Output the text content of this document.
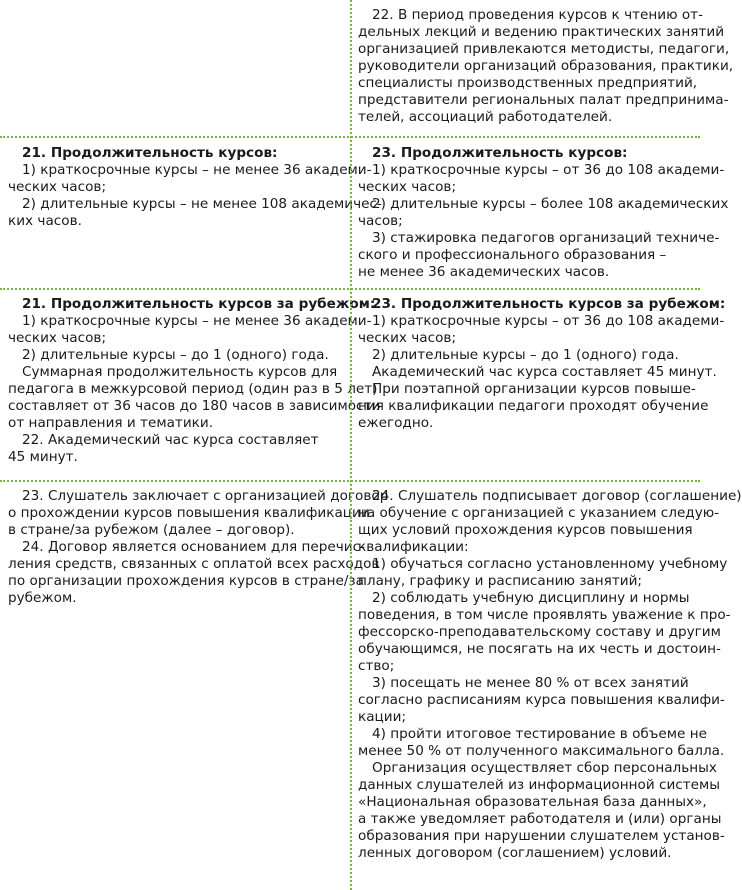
22. В период проведения курсов к чтению от-
дельных лекций и ведению практических занятий
организацией привлекаются методисты, педагоги,
руководители организаций образования, практики,
специалисты производственных предприятий,
представители региональных палат предпринима-
телей, ассоциаций работодателей.
21. Продолжительность курсов:
1) краткосрочные курсы – не менее 36 академи-
ческих часов;
2) длительные курсы – не менее 108 академичес-
ких часов.
23. Продолжительность курсов:
1) краткосрочные курсы – от 36 до 108 академи-
ческих часов;
2) длительные курсы – более 108 академических
часов;
3) стажировка педагогов организаций техниче-
ского и профессионального образования –
не менее 36 академических часов.
21. Продолжительность курсов за рубежом:
1) краткосрочные курсы – не менее 36 академи-
ческих часов;
2) длительные курсы – до 1 (одного) года.
Суммарная продолжительность курсов для
педагога в межкурсовой период (один раз в 5 лет)
составляет от 36 часов до 180 часов в зависимости
от направления и тематики.
22. Академический час курса составляет
45 минут.
23. Продолжительность курсов за рубежом:
1) краткосрочные курсы – от 36 до 108 академи-
ческих часов;
2) длительные курсы – до 1 (одного) года.
Академический час курса составляет 45 минут.
При поэтапной организации курсов повыше-
ния квалификации педагоги проходят обучение
ежегодно.
23. Слушатель заключает с организацией договор
о прохождении курсов повышения квалификации
в стране/за рубежом (далее – договор).
24. Договор является основанием для перечис-
ления средств, связанных с оплатой всех расходов
по организации прохождения курсов в стране/за
рубежом.
24. Слушатель подписывает договор (соглашение)
на обучение с организацией с указанием следую-
щих условий прохождения курсов повышения
квалификации:
1) обучаться согласно установленному учебному
плану, графику и расписанию занятий;
2) соблюдать учебную дисциплину и нормы
поведения, в том числе проявлять уважение к про-
фессорско-преподавательскому составу и другим
обучающимся, не посягать на их честь и достоин-
ство;
3) посещать не менее 80 % от всех занятий
согласно расписаниям курса повышения квалифи-
кации;
4) пройти итоговое тестирование в объеме не
менее 50 % от полученного максимального балла.
Организация осуществляет сбор персональных
данных слушателей из информационной системы
«Национальная образовательная база данных»,
а также уведомляет работодателя и (или) органы
образования при нарушении слушателем установ-
ленных договором (соглашением) условий.
